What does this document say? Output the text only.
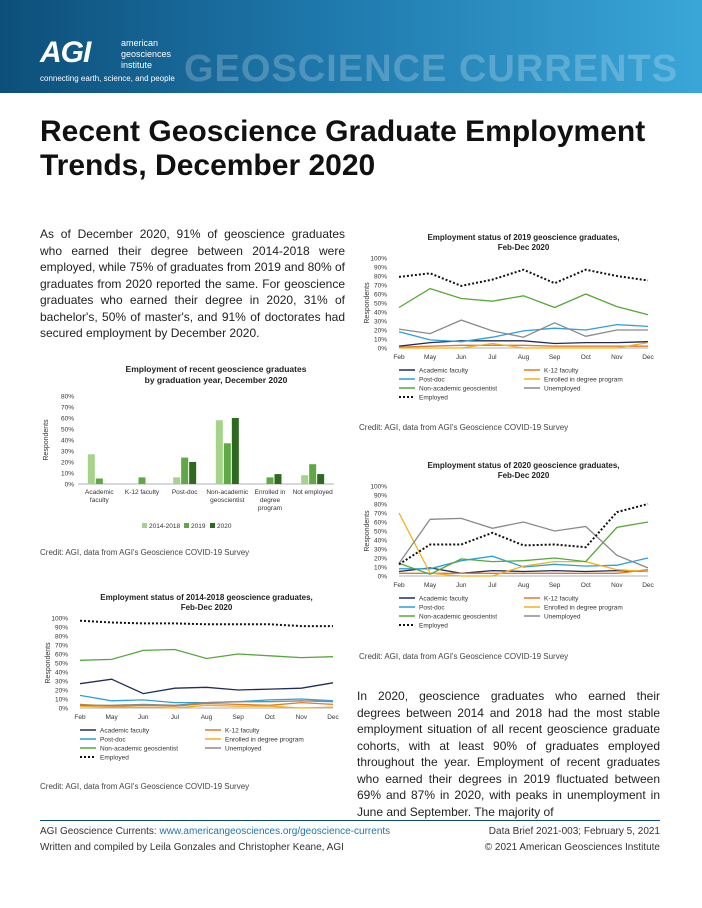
AGI	american
geosciences
institute
connecting earth, science, and people GEOSCIENCE CURRENTS
Recent Geoscience Graduate Employment Trends, December 2020

As of December 2020, 91% of geoscience graduates who earned their degree between 2014-2018 were employed, while 75% of graduates from 2019 and 80% of graduates from 2020 reported the same. For geoscience graduates who earned their degree in 2020, 31% of bachelor's, 50% of master's, and 91% of doctorates had secured employment by December 2020.

Employment of recent geoscience graduates
by graduation year, December 2020
Respondents
0%
10%
20%
30%
40%
50%
60%
70%
80%
Academic
faculty
K-12 faculty Post-doc Non-academic
geoscientist
Enrolled in
degree
program
Not employed
2014-2018 2019 2020
Credit: AGI, data from AGI's Geoscience COVID-19 Survey
Employment status of 2014-2018 geoscience graduates,
Feb-Dec 2020
Respondents
0%
10%
20%
30%
40%
50%
60%
70%
80%
90%
100%
Feb	May	Jun	Jul	Aug	Sep	Oct	Nov	Dec
Academic faculty	K-12 faculty
Post-doc	Enrolled in degree program
Non-academic geoscientist	Unemployed
Employed
Credit: AGI, data from AGI's Geoscience COVID-19 Survey
Employment status of 2019 geoscience graduates,
Feb-Dec 2020
Respondents
0%
10%
20%
30%
40%
50%
60%
70%
80%
90%
100%
Feb	May	Jun	Jul	Aug	Sep	Oct	Nov	Dec
Academic faculty	K-12 faculty
Post-doc	Enrolled in degree program
Non-academic geoscientist	Unemployed
Employed
Credit: AGI, data from AGI's Geoscience COVID-19 Survey
Employment status of 2020 geoscience graduates,
Feb-Dec 2020
Respondents
0%
10%
20%
30%
40%
50%
60%
70%
80%
90%
100%
Feb	May	Jun	Jul	Aug	Sep	Oct	Nov	Dec
Academic faculty	K-12 faculty
Post-doc	Enrolled in degree program
Non-academic geoscientist	Unemployed
Employed
Credit: AGI, data from AGI's Geoscience COVID-19 Survey

In 2020, geoscience graduates who earned their degrees between 2014 and 2018 had the most stable employment situation of all recent geoscience graduate cohorts, with at least 90% of graduates employed throughout the year. Employment of recent graduates who earned their degrees in 2019 fluctuated between 69% and 87% in 2020, with peaks in unemployment in June and September. The majority of

AGI Geoscience Currents: www.americangeosciences.org/geoscience-currents
Written and compiled by Leila Gonzales and Christopher Keane, AGI
Data Brief 2021-003; February 5, 2021
© 2021 American Geosciences Institute
